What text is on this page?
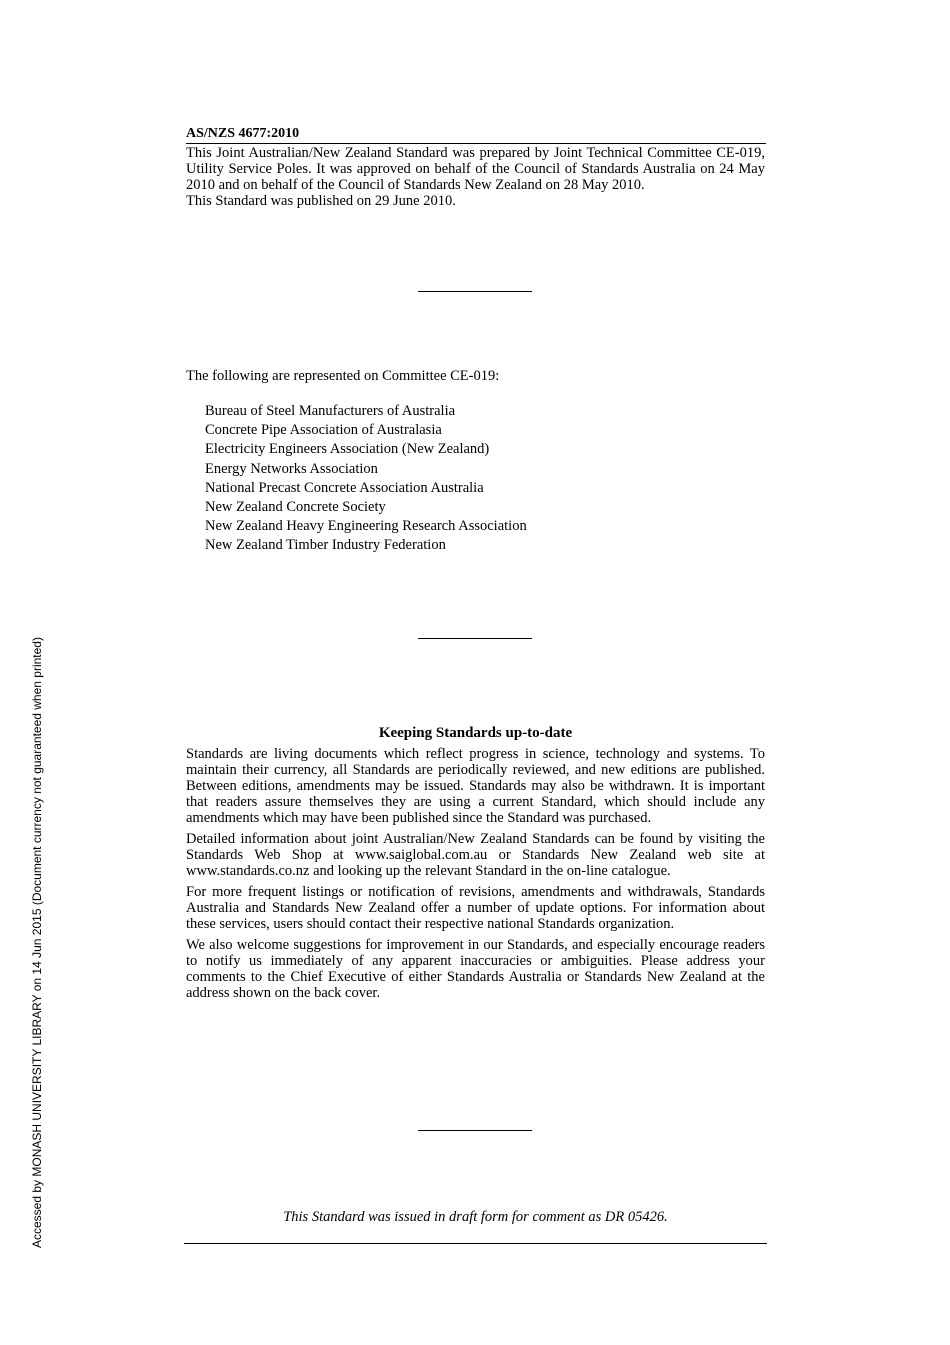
AS/NZS 4677:2010

This Joint Australian/New Zealand Standard was prepared by Joint Technical Committee CE-019, Utility Service Poles. It was approved on behalf of the Council of Standards Australia on 24 May 2010 and on behalf of the Council of Standards New Zealand on 28 May 2010.

This Standard was published on 29 June 2010.

The following are represented on Committee CE-019:
Bureau of Steel Manufacturers of Australia
Concrete Pipe Association of Australasia
Electricity Engineers Association (New Zealand)
Energy Networks Association
National Precast Concrete Association Australia
New Zealand Concrete Society
New Zealand Heavy Engineering Research Association
New Zealand Timber Industry Federation
Keeping Standards up-to-date

Standards are living documents which reflect progress in science, technology and systems. To maintain their currency, all Standards are periodically reviewed, and new editions are published. Between editions, amendments may be issued. Standards may also be withdrawn. It is important that readers assure themselves they are using a current Standard, which should include any amendments which may have been published since the Standard was purchased.

Detailed information about joint Australian/New Zealand Standards can be found by visiting the Standards Web Shop at www.saiglobal.com.au or Standards New Zealand web site at www.standards.co.nz and looking up the relevant Standard in the on-line catalogue.

For more frequent listings or notification of revisions, amendments and withdrawals, Standards Australia and Standards New Zealand offer a number of update options. For information about these services, users should contact their respective national Standards organization.

We also welcome suggestions for improvement in our Standards, and especially encourage readers to notify us immediately of any apparent inaccuracies or ambiguities. Please address your comments to the Chief Executive of either Standards Australia or Standards New Zealand at the address shown on the back cover.

This Standard was issued in draft form for comment as DR 05426.
Accessed by MONASH UNIVERSITY LIBRARY on 14 Jun 2015 (Document currency not guaranteed when printed)
